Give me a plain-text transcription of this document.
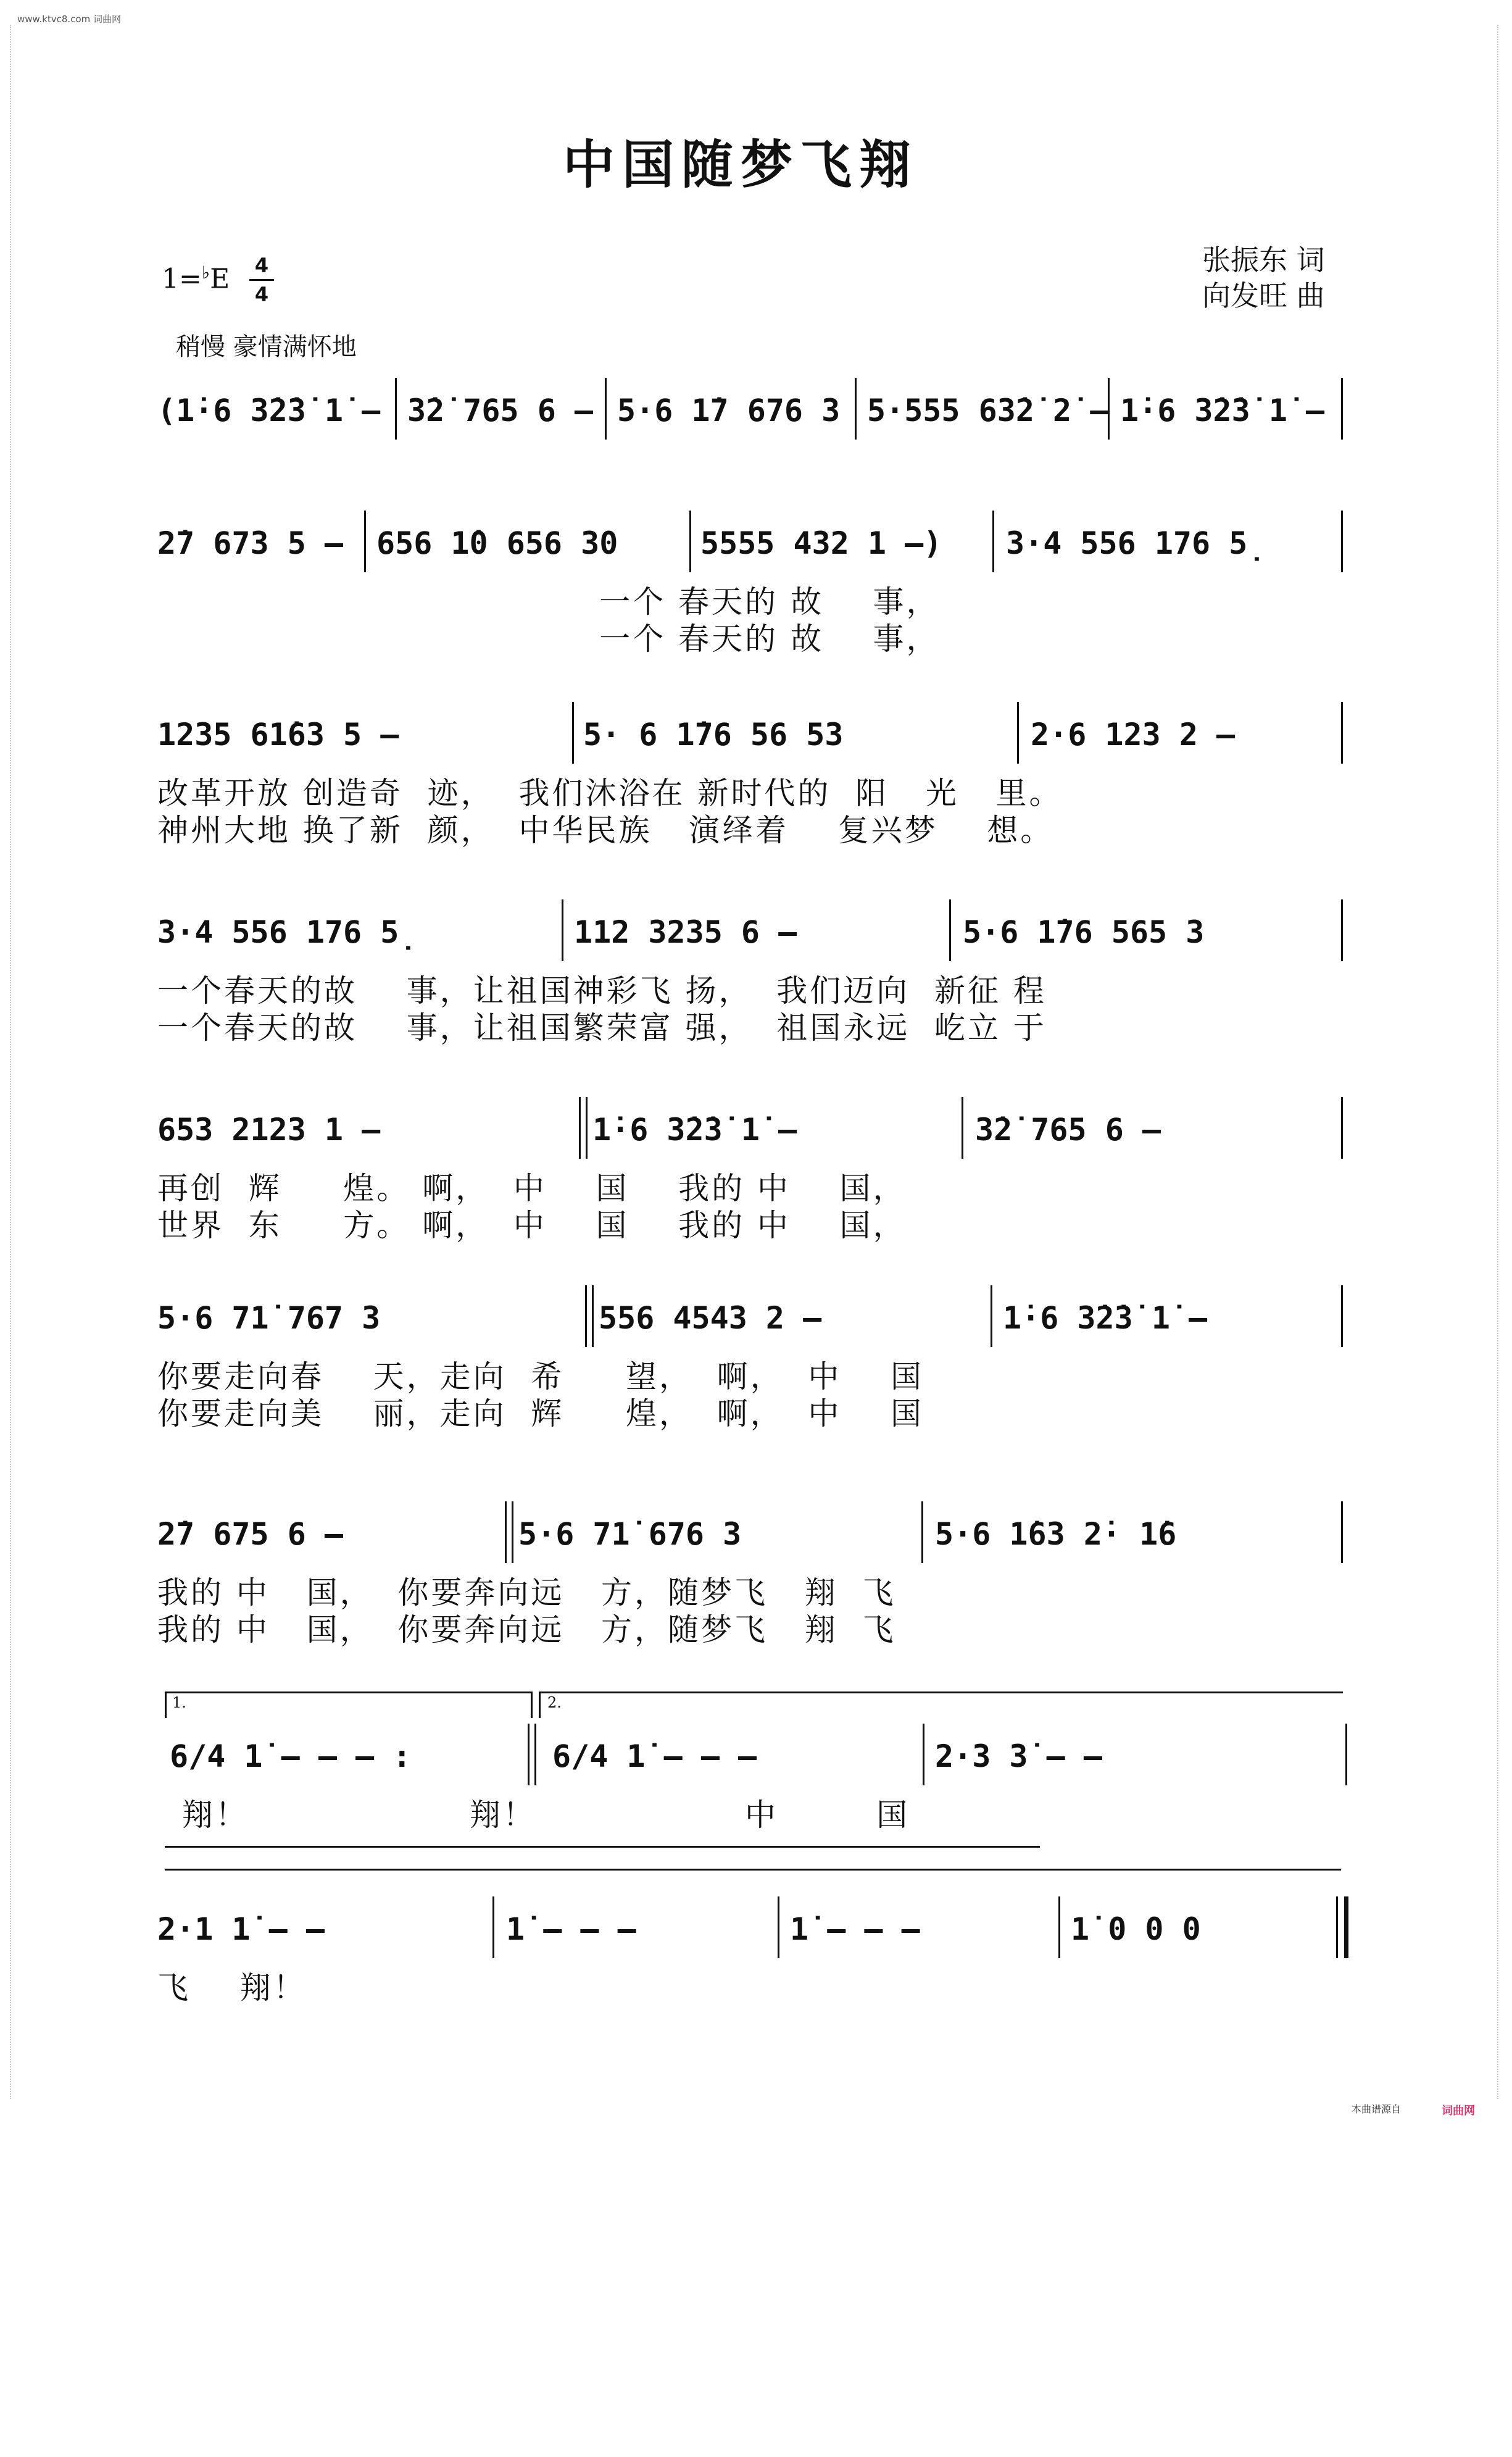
www.ktvc8.com 词曲网
中国随梦飞翔
1=♭E 4
4
张振东 词
向发旺 曲
稍慢 豪情满怀地

(1̇·6 3̇2̇3̇ 1̇ –

3̇2̇ 765 6 –

5·6 1̇7 676 3

5·555 63̇2̇ 2̇ –

1̇·6 3̇2̇3̇ 1̇ –

2̇7 673 5 –

	656 1̇0 656 30

	5555 432 1 –)

	3·4 556 176 5̣

一个 春天的 故    事，
一个 春天的 故    事，

1235 61̇63 5 –

	5· 6 1̇76 56 53

	2·6 123 2 –

改革开放 创造奇  迹，  我们沐浴在 新时代的  阳   光   里。
神州大地 换了新  颜，  中华民族   演绎着    复兴梦    想。

3·4 556 176 5̣

	112 3235 6 –

	5·6 1̇76 565 3

一个春天的故    事，让祖国神彩飞 扬，  我们迈向  新征 程
一个春天的故    事，让祖国繁荣富 强，  祖国永远  屹立 于

653 2123 1 –

	1̇·6 3̇2̇3̇ 1̇ –

	3̇2̇ 765 6 –

再创  辉     煌。 啊，  中    国    我的 中    国，
世界  东     方。 啊，  中    国    我的 中    国，

5·6 71̇ 767 3

	556 4543 2 –

	1̇·6 3̇2̇3̇ 1̇ –

你要走向春    天，走向  希     望，  啊，  中    国
你要走向美    丽，走向  辉     煌，  啊，  中    国

2̇7 675 6 –

	5·6 71̇ 676 3

	5·6 1̇63 2̇· 1̇6

我的 中   国，  你要奔向远   方，随梦飞   翔  飞
我的 中   国，  你要奔向远   方，随梦飞   翔  飞
1.	2.

6/4 1̇ – – – :

	6/4 1̇ – – –

	2·3 3̇ – –

翔！                  翔！                 中        国

2·1 1̇ – –

	1̇ – – –

	1̇ – – –

	1̇ 0 0 0

飞    翔！
本曲谱源自	词曲网
